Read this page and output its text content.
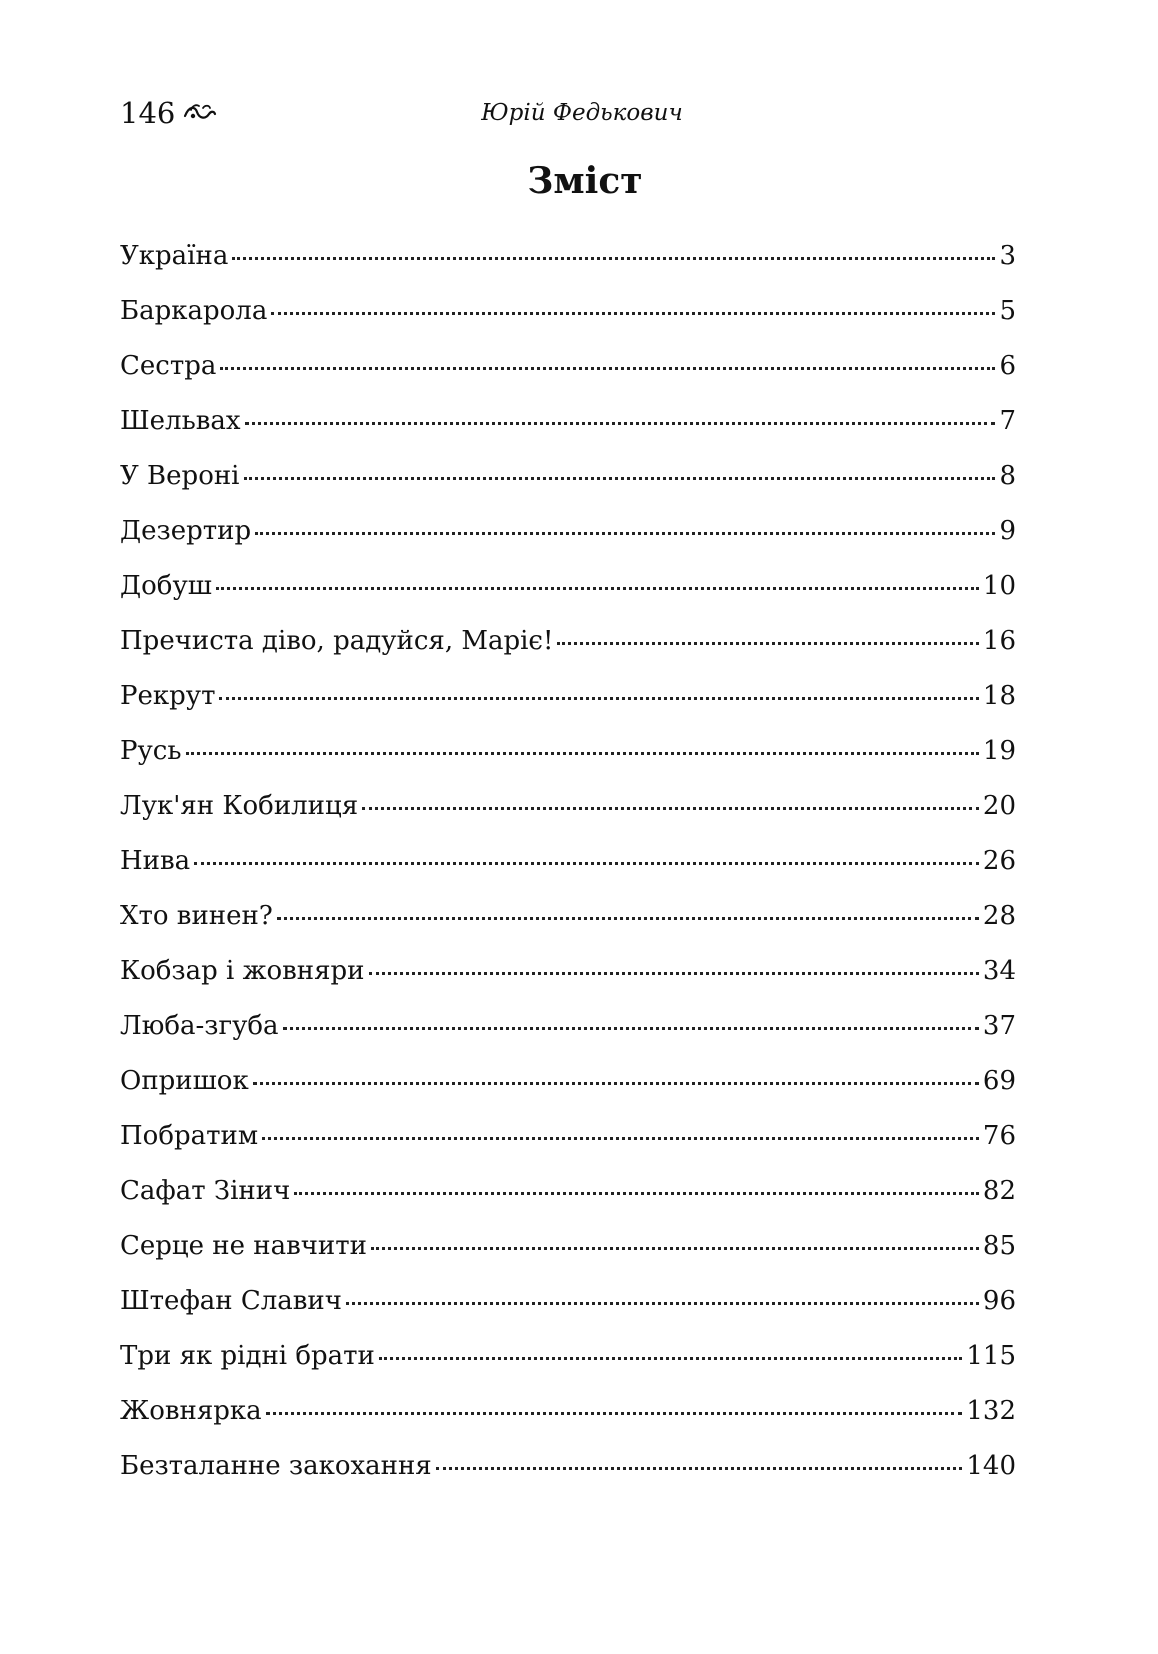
146	Юрій Федькович
Зміст
Україна	3
Баркарола	5
Сестра	6
Шельвах	7
У Вероні	8
Дезертир	9
Добуш	10
Пречиста діво, радуйся, Маріє!	16
Рекрут	18
Русь	19
Лук'ян Кобилиця	20
Нива	26
Хто винен?	28
Кобзар і жовняри	34
Люба-згуба	37
Опришок	69
Побратим	76
Сафат Зінич	82
Серце не навчити	85
Штефан Славич	96
Три як рідні брати	115
Жовнярка	132
Безталанне закохання	140
